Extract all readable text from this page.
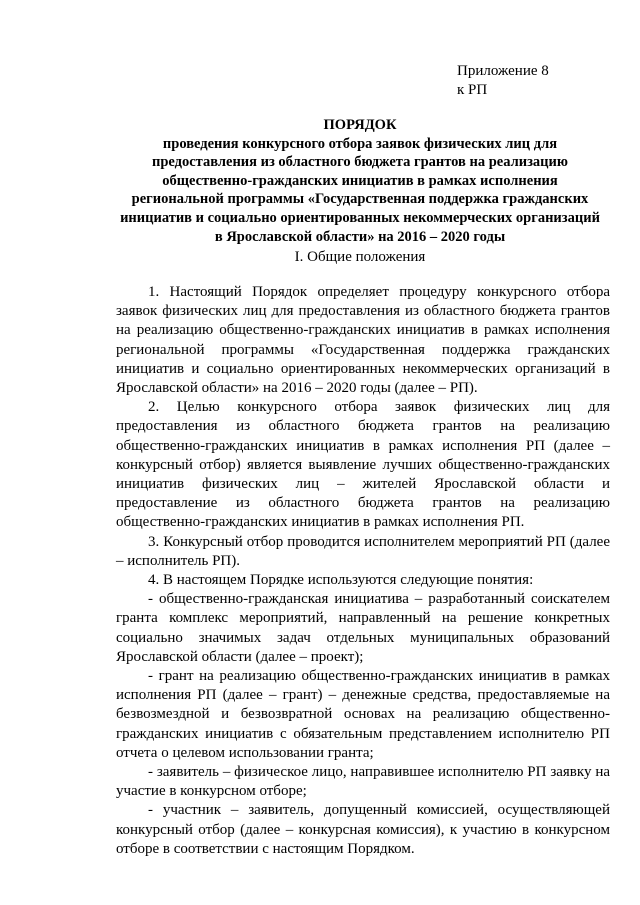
Приложение 8
к РП
ПОРЯДОК
проведения конкурсного отбора заявок физических лиц для
предоставления из областного бюджета грантов на реализацию
общественно-гражданских инициатив в рамках исполнения
региональной программы «Государственная поддержка гражданских
инициатив и социально ориентированных некоммерческих организаций
в Ярославской области» на 2016 – 2020 годы
I. Общие положения

1. Настоящий Порядок определяет процедуру конкурсного отбора заявок физических лиц для предоставления из областного бюджета грантов на реализацию общественно-гражданских инициатив в рамках исполнения региональной программы «Государственная поддержка гражданских инициатив и социально ориентированных некоммерческих организаций в Ярославской области» на 2016 – 2020 годы (далее – РП).

2. Целью конкурсного отбора заявок физических лиц для предоставления из областного бюджета грантов на реализацию общественно-гражданских инициатив в рамках исполнения РП (далее – конкурсный отбор) является выявление лучших общественно-гражданских инициатив физических лиц – жителей Ярославской области и предоставление из областного бюджета грантов на реализацию общественно-гражданских инициатив в рамках исполнения РП.

3. Конкурсный отбор проводится исполнителем мероприятий РП (далее – исполнитель РП).

4. В настоящем Порядке используются следующие понятия:

- общественно-гражданская инициатива – разработанный соискателем гранта комплекс мероприятий, направленный на решение конкретных социально значимых задач отдельных муниципальных образований Ярославской области (далее – проект);

- грант на реализацию общественно-гражданских инициатив в рамках исполнения РП (далее – грант) – денежные средства, предоставляемые на безвозмездной и безвозвратной основах на реализацию общественно-гражданских инициатив с обязательным представлением исполнителю РП отчета о целевом использовании гранта;

- заявитель – физическое лицо, направившее исполнителю РП заявку на участие в конкурсном отборе;

- участник – заявитель, допущенный комиссией, осуществляющей конкурсный отбор (далее – конкурсная комиссия), к участию в конкурсном отборе в соответствии с настоящим Порядком.
